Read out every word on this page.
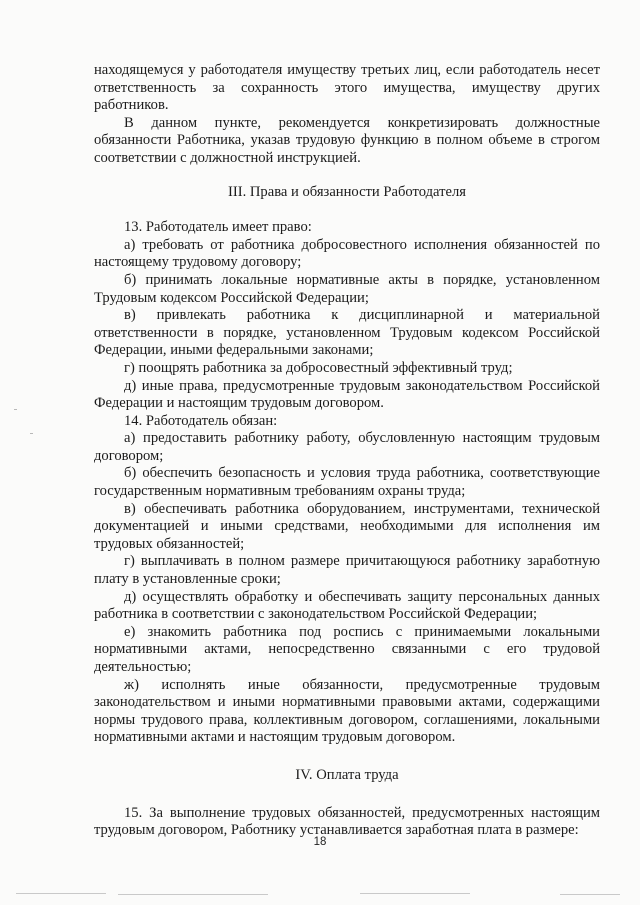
находящемуся у работодателя имуществу третьих лиц, если работодатель несет ответственность за сохранность этого имущества, имуществу других работников.

В данном пункте, рекомендуется конкретизировать должностные обязанности Работника, указав трудовую функцию в полном объеме в строгом соответствии с должностной инструкцией.

III. Права и обязанности Работодателя

13. Работодатель имеет право:

а) требовать от работника добросовестного исполнения обязанностей по настоящему трудовому договору;

б) принимать локальные нормативные акты в порядке, установленном Трудовым кодексом Российской Федерации;

в) привлекать работника к дисциплинарной и материальной ответственности в порядке, установленном Трудовым кодексом Российской Федерации, иными федеральными законами;

г) поощрять работника за добросовестный эффективный труд;

д) иные права, предусмотренные трудовым законодательством Российской Федерации и настоящим трудовым договором.

14. Работодатель обязан:

а) предоставить работнику работу, обусловленную настоящим трудовым договором;

б) обеспечить безопасность и условия труда работника, соответствующие государственным нормативным требованиям охраны труда;

в) обеспечивать работника оборудованием, инструментами, технической документацией и иными средствами, необходимыми для исполнения им трудовых обязанностей;

г) выплачивать в полном размере причитающуюся работнику заработную плату в установленные сроки;

д) осуществлять обработку и обеспечивать защиту персональных данных работника в соответствии с законодательством Российской Федерации;

е) знакомить работника под роспись с принимаемыми локальными нормативными актами, непосредственно связанными с его трудовой деятельностью;

ж) исполнять иные обязанности, предусмотренные трудовым законодательством и иными нормативными правовыми актами, содержащими нормы трудового права, коллективным договором, соглашениями, локальными нормативными актами и настоящим трудовым договором.

IV. Оплата труда

15. За выполнение трудовых обязанностей, предусмотренных настоящим трудовым договором, Работнику устанавливается заработная плата в размере:

18
